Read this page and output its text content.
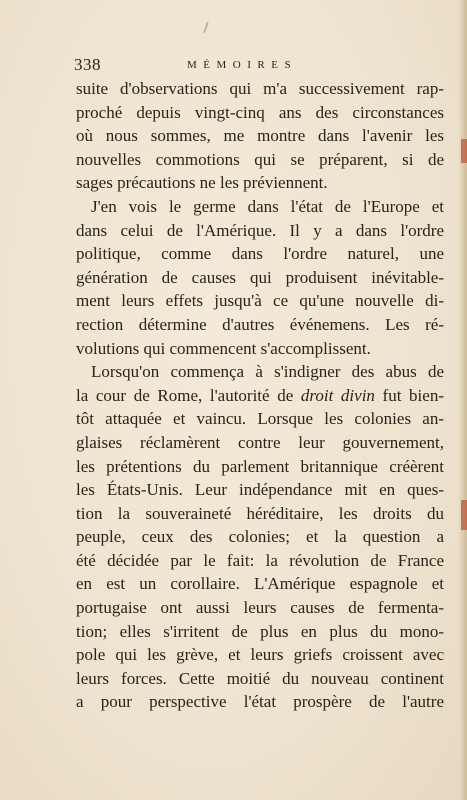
338	MÉMOIRES
suite d'observations qui m'a successivement rap-
proché depuis vingt-cinq ans des circonstances
où nous sommes, me montre dans l'avenir les
nouvelles commotions qui se préparent, si de
sages précautions ne les préviennent.
J'en vois le germe dans l'état de l'Europe et
dans celui de l'Amérique. Il y a dans l'ordre
politique, comme dans l'ordre naturel, une
génération de causes qui produisent inévitable-
ment leurs effets jusqu'à ce qu'une nouvelle di-
rection détermine d'autres événemens. Les ré-
volutions qui commencent s'accomplissent.
Lorsqu'on commença à s'indigner des abus de
la cour de Rome, l'autorité de droit divin fut bien-
tôt attaquée et vaincu. Lorsque les colonies an-
glaises réclamèrent contre leur gouvernement,
les prétentions du parlement britannique créèrent
les États-Unis. Leur indépendance mit en ques-
tion la souveraineté héréditaire, les droits du
peuple, ceux des colonies; et la question a
été décidée par le fait: la révolution de France
en est un corollaire. L'Amérique espagnole et
portugaise ont aussi leurs causes de fermenta-
tion; elles s'irritent de plus en plus du mono-
pole qui les grève, et leurs griefs croissent avec
leurs forces. Cette moitié du nouveau continent
a pour perspective l'état prospère de l'autre
